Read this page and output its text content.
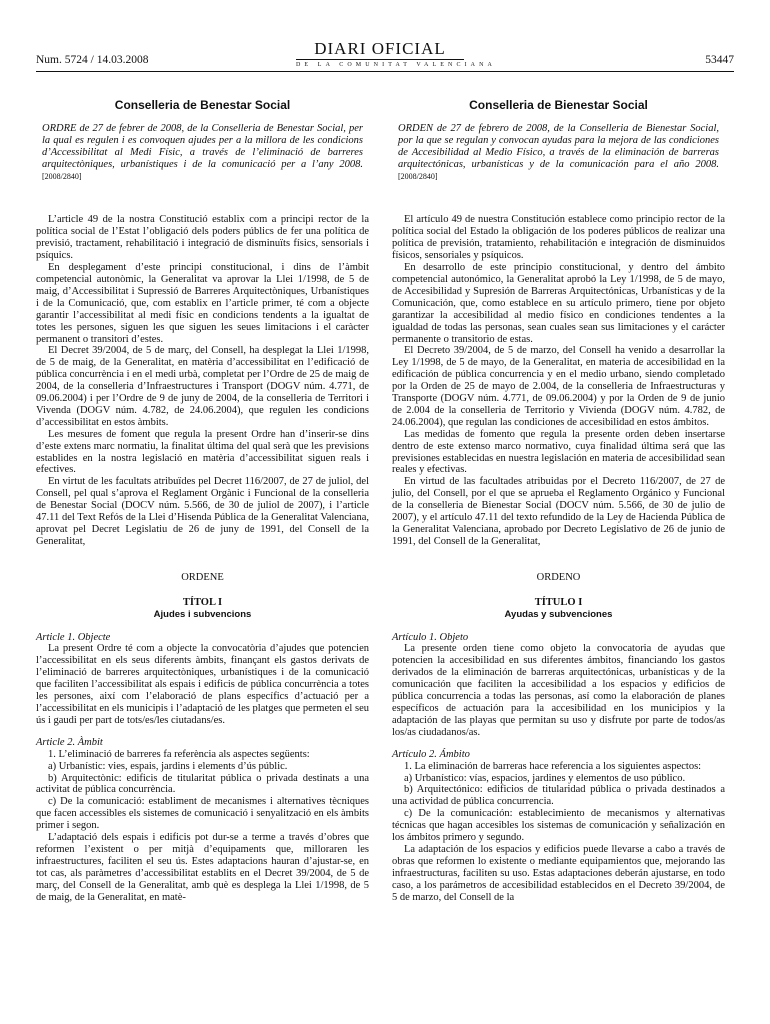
Num. 5724 / 14.03.2008
DIARI OFICIAL
DE LA COMUNITAT VALENCIANA	53447

Conselleria de Benestar Social

ORDRE de 27 de febrer de 2008, de la Conselleria de Benestar Social, per la qual es regulen i es convoquen ajudes per a la millora de les condicions d’Accessibilitat al Medi Físic, a través de l’eliminació de barreres arquitectòniques, urbanístiques i de la comunicació per a l’any 2008. [2008/2840]

L’article 49 de la nostra Constitució establix com a principi rector de la política social de l’Estat l’obligació dels poders públics de fer una política de previsió, tractament, rehabilitació i integració de disminuïts físics, sensorials i psíquics.

En desplegament d’este principi constitucional, i dins de l’àmbit competencial autonòmic, la Generalitat va aprovar la Llei 1/1998, de 5 de maig, d’Accessibilitat i Supressió de Barreres Arquitectòniques, Urbanístiques i de la Comunicació, que, com establix en l’article primer, té com a objecte garantir l’accessibilitat al medi físic en condicions tendents a la igualtat de totes les persones, siguen les que siguen les seues limitacions i el caràcter permanent o transitori d’estes.

El Decret 39/2004, de 5 de març, del Consell, ha desplegat la Llei 1/1998, de 5 de maig, de la Generalitat, en matèria d’accessibilitat en l’edificació de pública concurrència i en el medi urbà, completat per l’Ordre de 25 de maig de 2004, de la conselleria d’Infraestructures i Transport (DOGV núm. 4.771, de 09.06.2004) i per l’Ordre de 9 de juny de 2004, de la conselleria de Territori i Vivenda (DOGV núm. 4.782, de 24.06.2004), que regulen les condicions d’accessibilitat en estos àmbits.

Les mesures de foment que regula la present Ordre han d’inserir-se dins d’este extens marc normatiu, la finalitat última del qual serà que les previsions establides en la nostra legislació en matèria d’accessibilitat siguen reals i efectives.

En virtut de les facultats atribuïdes pel Decret 116/2007, de 27 de juliol, del Consell, pel qual s’aprova el Reglament Orgànic i Funcional de la conselleria de Benestar Social (DOCV núm. 5.566, de 30 de juliol de 2007), i l’article 47.11 del Text Refós de la Llei d’Hisenda Pública de la Generalitat Valenciana, aprovat pel Decret Legislatiu de 26 de juny de 1991, del Consell de la Generalitat,

ORDENE

TÍTOL I

Ajudes i subvencions

Article 1. Objecte

La present Ordre té com a objecte la convocatòria d’ajudes que potencien l’accessibilitat en els seus diferents àmbits, finançant els gastos derivats de l’eliminació de barreres arquitectòniques, urbanístiques i de la comunicació que faciliten l’accessibilitat als espais i edificis de pública concurrència a totes les persones, així com l’elaboració de plans específics d’actuació per a l’accessibilitat en els municipis i l’adaptació de les platges que permeten el seu ús i gaudi per part de tots/es/les ciutadans/es.

Article 2. Àmbit

1. L’eliminació de barreres fa referència als aspectes següents:

a) Urbanístic: vies, espais, jardins i elements d’ús públic.

b) Arquitectònic: edificis de titularitat pública o privada destinats a una activitat de pública concurrència.

c) De la comunicació: establiment de mecanismes i alternatives tècniques que facen accessibles els sistemes de comunicació i senyalització en els àmbits primer i segon.

L’adaptació dels espais i edificis pot dur-se a terme a través d’obres que reformen l’existent o per mitjà d’equipaments que, milloraren les infraestructures, faciliten el seu ús. Estes adaptacions hauran d’ajustar-se, en tot cas, als paràmetres d’accessibilitat establits en el Decret 39/2004, de 5 de març, del Consell de la Generalitat, amb què es desplega la Llei 1/1998, de 5 de maig, de la Generalitat, en matè-

Conselleria de Bienestar Social

ORDEN de 27 de febrero de 2008, de la Conselleria de Bienestar Social, por la que se regulan y convocan ayudas para la mejora de las condiciones de Accesibilidad al Medio Físico, a través de la eliminación de barreras arquitectónicas, urbanísticas y de la comunicación para el año 2008. [2008/2840]

El artículo 49 de nuestra Constitución establece como principio rector de la política social del Estado la obligación de los poderes públicos de realizar una política de previsión, tratamiento, rehabilitación e integración de disminuidos físicos, sensoriales y psíquicos.

En desarrollo de este principio constitucional, y dentro del ámbito competencial autonómico, la Generalitat aprobó la Ley 1/1998, de 5 de mayo, de Accesibilidad y Supresión de Barreras Arquitectónicas, Urbanísticas y de la Comunicación, que, como establece en su artículo primero, tiene por objeto garantizar la accesibilidad al medio físico en condiciones tendentes a la igualdad de todas las personas, sean cuales sean sus limitaciones y el carácter permanente o transitorio de estas.

El Decreto 39/2004, de 5 de marzo, del Consell ha venido a desarrollar la Ley 1/1998, de 5 de mayo, de la Generalitat, en materia de accesibilidad en la edificación de pública concurrencia y en el medio urbano, siendo completado por la Orden de 25 de mayo de 2.004, de la conselleria de Infraestructuras y Transporte (DOGV núm. 4.771, de 09.06.2004) y por la Orden de 9 de junio de 2.004 de la conselleria de Territorio y Vivienda (DOGV núm. 4.782, de 24.06.2004), que regulan las condiciones de accesibilidad en estos ámbitos.

Las medidas de fomento que regula la presente orden deben insertarse dentro de este extenso marco normativo, cuya finalidad última será que las previsiones establecidas en nuestra legislación en materia de accesibilidad sean reales y efectivas.

En virtud de las facultades atribuidas por el Decreto 116/2007, de 27 de julio, del Consell, por el que se aprueba el Reglamento Orgánico y Funcional de la conselleria de Bienestar Social (DOCV núm. 5.566, de 30 de julio de 2007), y el artículo 47.11 del texto refundido de la Ley de Hacienda Pública de la Generalitat Valenciana, aprobado por Decreto Legislativo de 26 de junio de 1991, del Consell de la Generalitat,

ORDENO

TÍTULO I

Ayudas y subvenciones

Artículo 1. Objeto

La presente orden tiene como objeto la convocatoria de ayudas que potencien la accesibilidad en sus diferentes ámbitos, financiando los gastos derivados de la eliminación de barreras arquitectónicas, urbanísticas y de la comunicación que faciliten la accesibilidad a los espacios y edificios de pública concurrencia a todas las personas, así como la elaboración de planes específicos de actuación para la accesibilidad en los municipios y la adaptación de las playas que permitan su uso y disfrute por parte de todos/as los/as ciudadanos/as.

Artículo 2. Ámbito

1. La eliminación de barreras hace referencia a los siguientes aspectos:

a) Urbanístico: vías, espacios, jardines y elementos de uso público.

b) Arquitectónico: edificios de titularidad pública o privada destinados a una actividad de pública concurrencia.

c) De la comunicación: establecimiento de mecanismos y alternativas técnicas que hagan accesibles los sistemas de comunicación y señalización en los ámbitos primero y segundo.

La adaptación de los espacios y edificios puede llevarse a cabo a través de obras que reformen lo existente o mediante equipamientos que, mejorando las infraestructuras, faciliten su uso. Estas adaptaciones deberán ajustarse, en todo caso, a los parámetros de accesibilidad establecidos en el Decreto 39/2004, de 5 de marzo, del Consell de la
